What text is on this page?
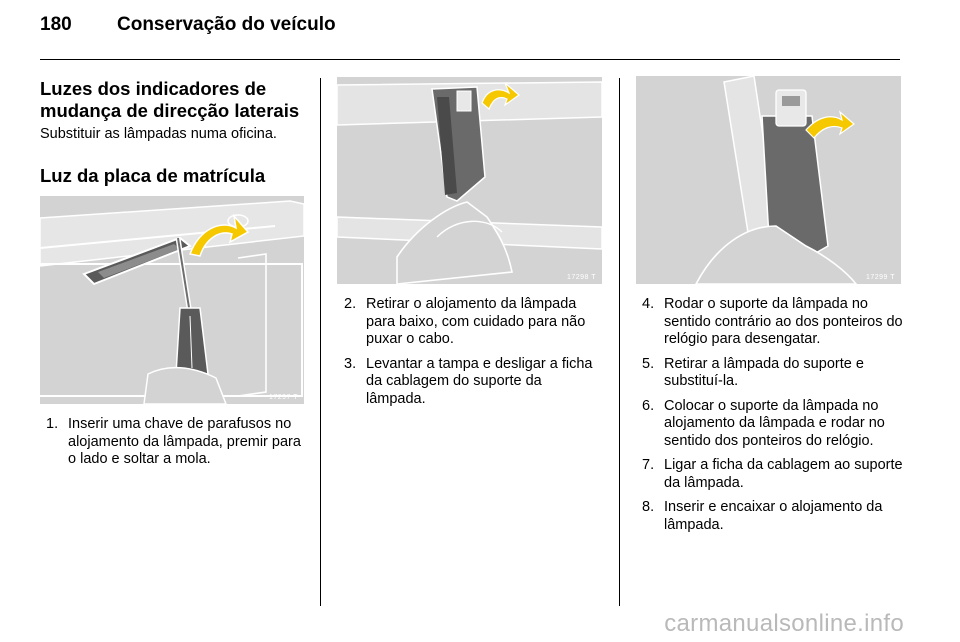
180 Conservação do veículo
Luzes dos indicadores de
mudança de direcção laterais

Substituir as lâmpadas numa oficina.

Luz da placa de matrícula
17297 T
1. Inserir uma chave de parafusos no alojamento da lâmpada, premir para o lado e soltar a mola.
17298 T
2. Retirar o alojamento da lâmpada para baixo, com cuidado para não puxar o cabo.
3. Levantar a tampa e desligar a ficha da cablagem do suporte da lâmpada.
17299 T
4. Rodar o suporte da lâmpada no sentido contrário ao dos ponteiros do relógio para desengatar.
5. Retirar a lâmpada do suporte e substituí-la.
6. Colocar o suporte da lâmpada no alojamento da lâmpada e rodar no sentido dos ponteiros do relógio.
7. Ligar a ficha da cablagem ao suporte da lâmpada.
8. Inserir e encaixar o alojamento da lâmpada.
carmanualsonline.info
